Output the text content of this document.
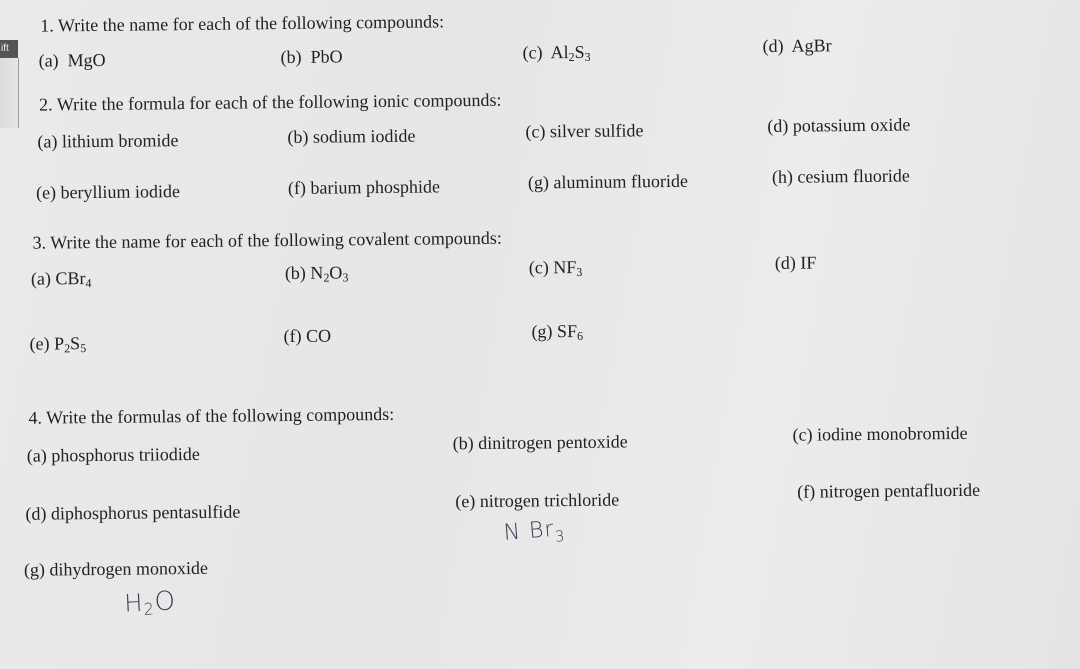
ift
1. Write the name for each of the following compounds:
(a) MgO	(b) PbO	(c) $Al_2S_3$
(d) AgBr
2. Write the formula for each of the following ionic compounds:
(a) lithium bromide	(b) sodium iodide	(c) silver sulfide	(d) potassium oxide
(e) beryllium iodide	(f) barium phosphide	(g) aluminum fluoride	(h) cesium fluoride
3. Write the name for each of the following covalent compounds:
(a) CBr$_4$
(b) $N_2O_3$	(c) $NF_3$	(d) IF
(e) $P_2S_5$
(f) CO	(g) $SF_6$
4. Write the formulas of the following compounds:
(a) phosphorus triiodide
(b) dinitrogen pentoxide	(c) iodine monobromide
(d) diphosphorus pentasulfide
(e) nitrogen trichloride	(f) nitrogen pentafluoride
(g) dihydrogen monoxide
N $Br_3$
$H_2O$
